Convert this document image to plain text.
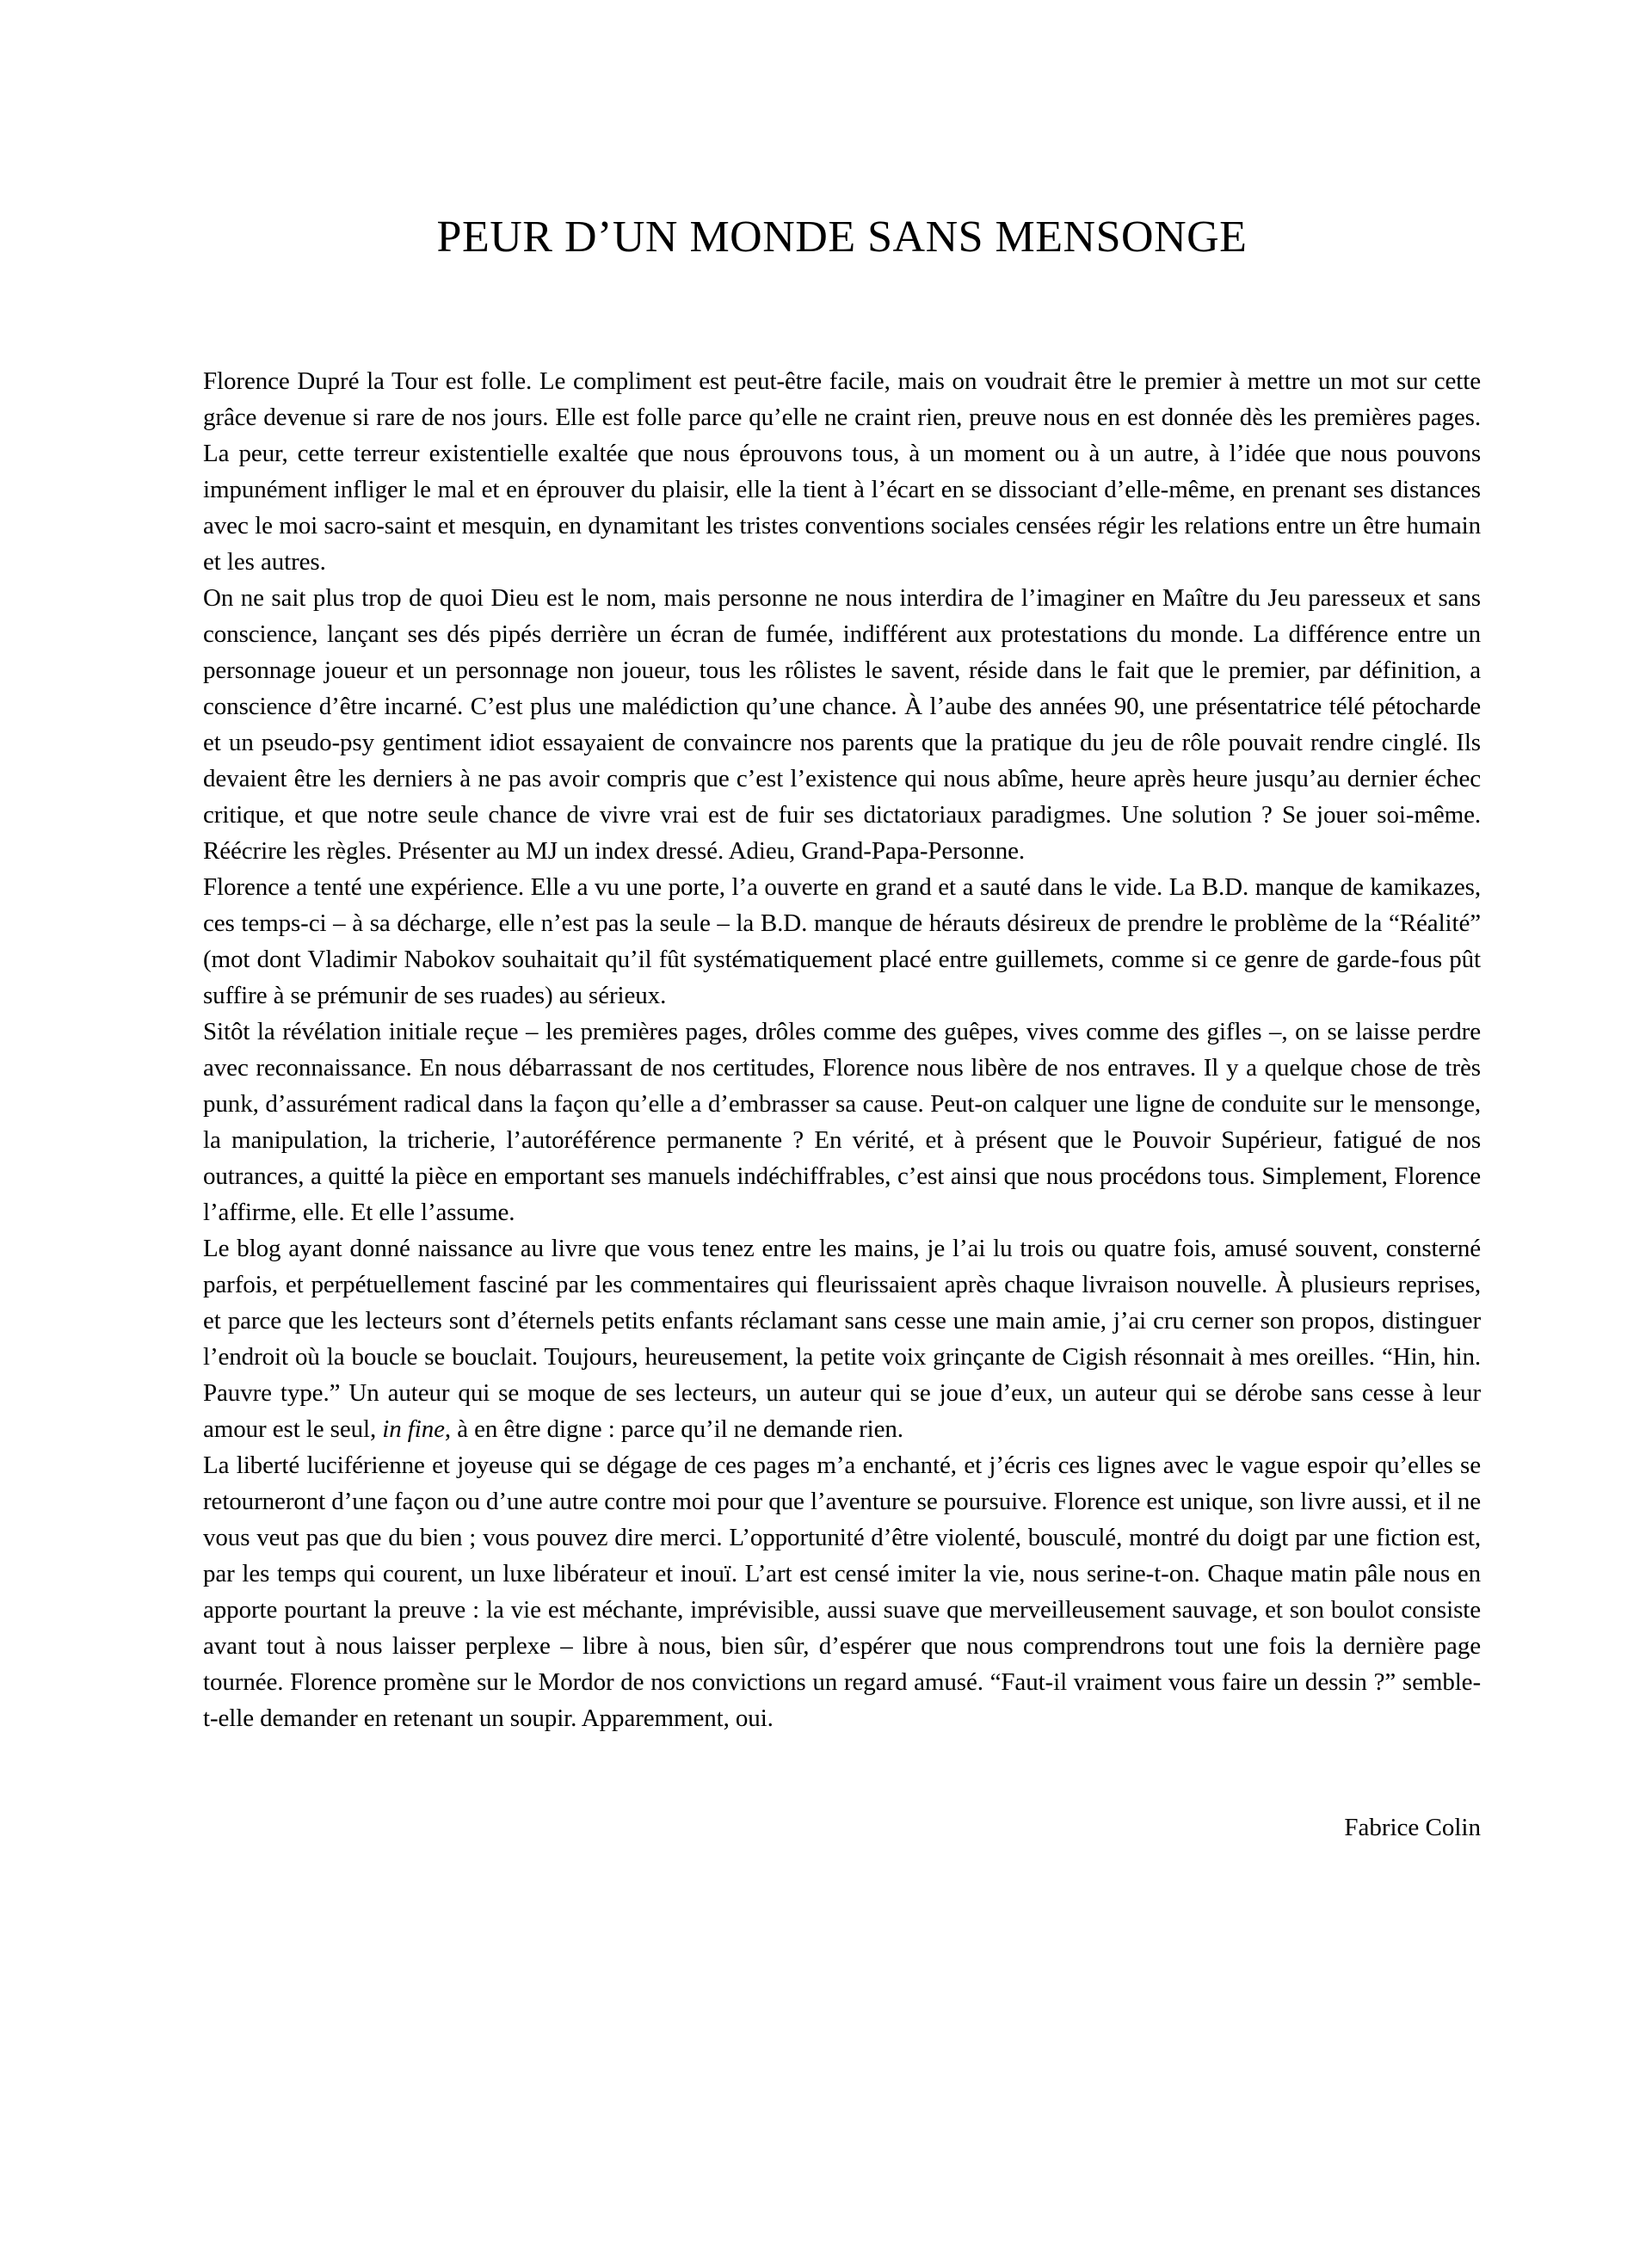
PEUR D’UN MONDE SANS MENSONGE

Florence Dupré la Tour est folle. Le compliment est peut-être facile, mais on voudrait être le premier à mettre un mot sur cette grâce devenue si rare de nos jours. Elle est folle parce qu’elle ne craint rien, preuve nous en est donnée dès les premières pages. La peur, cette terreur existentielle exaltée que nous éprouvons tous, à un moment ou à un autre, à l’idée que nous pouvons impunément infliger le mal et en éprouver du plaisir, elle la tient à l’écart en se dissociant d’elle-même, en prenant ses distances avec le moi sacro-saint et mesquin, en dynamitant les tristes conventions sociales censées régir les relations entre un être humain et les autres.

On ne sait plus trop de quoi Dieu est le nom, mais personne ne nous interdira de l’imaginer en Maître du Jeu paresseux et sans conscience, lançant ses dés pipés derrière un écran de fumée, indifférent aux protestations du monde. La différence entre un personnage joueur et un personnage non joueur, tous les rôlistes le savent, réside dans le fait que le premier, par définition, a conscience d’être incarné. C’est plus une malédiction qu’une chance. À l’aube des années 90, une présentatrice télé pétocharde et un pseudo-psy gentiment idiot essayaient de convaincre nos parents que la pratique du jeu de rôle pouvait rendre cinglé. Ils devaient être les derniers à ne pas avoir compris que c’est l’existence qui nous abîme, heure après heure jusqu’au dernier échec critique, et que notre seule chance de vivre vrai est de fuir ses dictatoriaux paradigmes. Une solution ? Se jouer soi-même. Réécrire les règles. Présenter au MJ un index dressé. Adieu, Grand-Papa-Personne.

Florence a tenté une expérience. Elle a vu une porte, l’a ouverte en grand et a sauté dans le vide. La B.D. manque de kamikazes, ces temps-ci – à sa décharge, elle n’est pas la seule – la B.D. manque de hérauts désireux de prendre le problème de la “Réalité” (mot dont Vladimir Nabokov souhaitait qu’il fût systématiquement placé entre guillemets, comme si ce genre de garde-fous pût suffire à se prémunir de ses ruades) au sérieux.

Sitôt la révélation initiale reçue – les premières pages, drôles comme des guêpes, vives comme des gifles –, on se laisse perdre avec reconnaissance. En nous débarrassant de nos certitudes, Florence nous libère de nos entraves. Il y a quelque chose de très punk, d’assurément radical dans la façon qu’elle a d’embrasser sa cause. Peut-on calquer une ligne de conduite sur le mensonge, la manipulation, la tricherie, l’autoréférence permanente ? En vérité, et à présent que le Pouvoir Supérieur, fatigué de nos outrances, a quitté la pièce en emportant ses manuels indéchiffrables, c’est ainsi que nous procédons tous. Simplement, Florence l’affirme, elle. Et elle l’assume.

Le blog ayant donné naissance au livre que vous tenez entre les mains, je l’ai lu trois ou quatre fois, amusé souvent, consterné parfois, et perpétuellement fasciné par les commentaires qui fleurissaient après chaque livraison nouvelle. À plusieurs reprises, et parce que les lecteurs sont d’éternels petits enfants réclamant sans cesse une main amie, j’ai cru cerner son propos, distinguer l’endroit où la boucle se bouclait. Toujours, heureusement, la petite voix grinçante de Cigish résonnait à mes oreilles. “Hin, hin. Pauvre type.” Un auteur qui se moque de ses lecteurs, un auteur qui se joue d’eux, un auteur qui se dérobe sans cesse à leur amour est le seul, in fine, à en être digne : parce qu’il ne demande rien.

La liberté luciférienne et joyeuse qui se dégage de ces pages m’a enchanté, et j’écris ces lignes avec le vague espoir qu’elles se retourneront d’une façon ou d’une autre contre moi pour que l’aventure se poursuive. Florence est unique, son livre aussi, et il ne vous veut pas que du bien ; vous pouvez dire merci. L’opportunité d’être violenté, bousculé, montré du doigt par une fiction est, par les temps qui courent, un luxe libérateur et inouï. L’art est censé imiter la vie, nous serine-t-on. Chaque matin pâle nous en apporte pourtant la preuve : la vie est méchante, imprévisible, aussi suave que merveilleusement sauvage, et son boulot consiste avant tout à nous laisser perplexe – libre à nous, bien sûr, d’espérer que nous comprendrons tout une fois la dernière page tournée. Florence promène sur le Mordor de nos convictions un regard amusé. “Faut-il vraiment vous faire un dessin ?” semble-t-elle demander en retenant un soupir. Apparemment, oui.

Fabrice Colin
